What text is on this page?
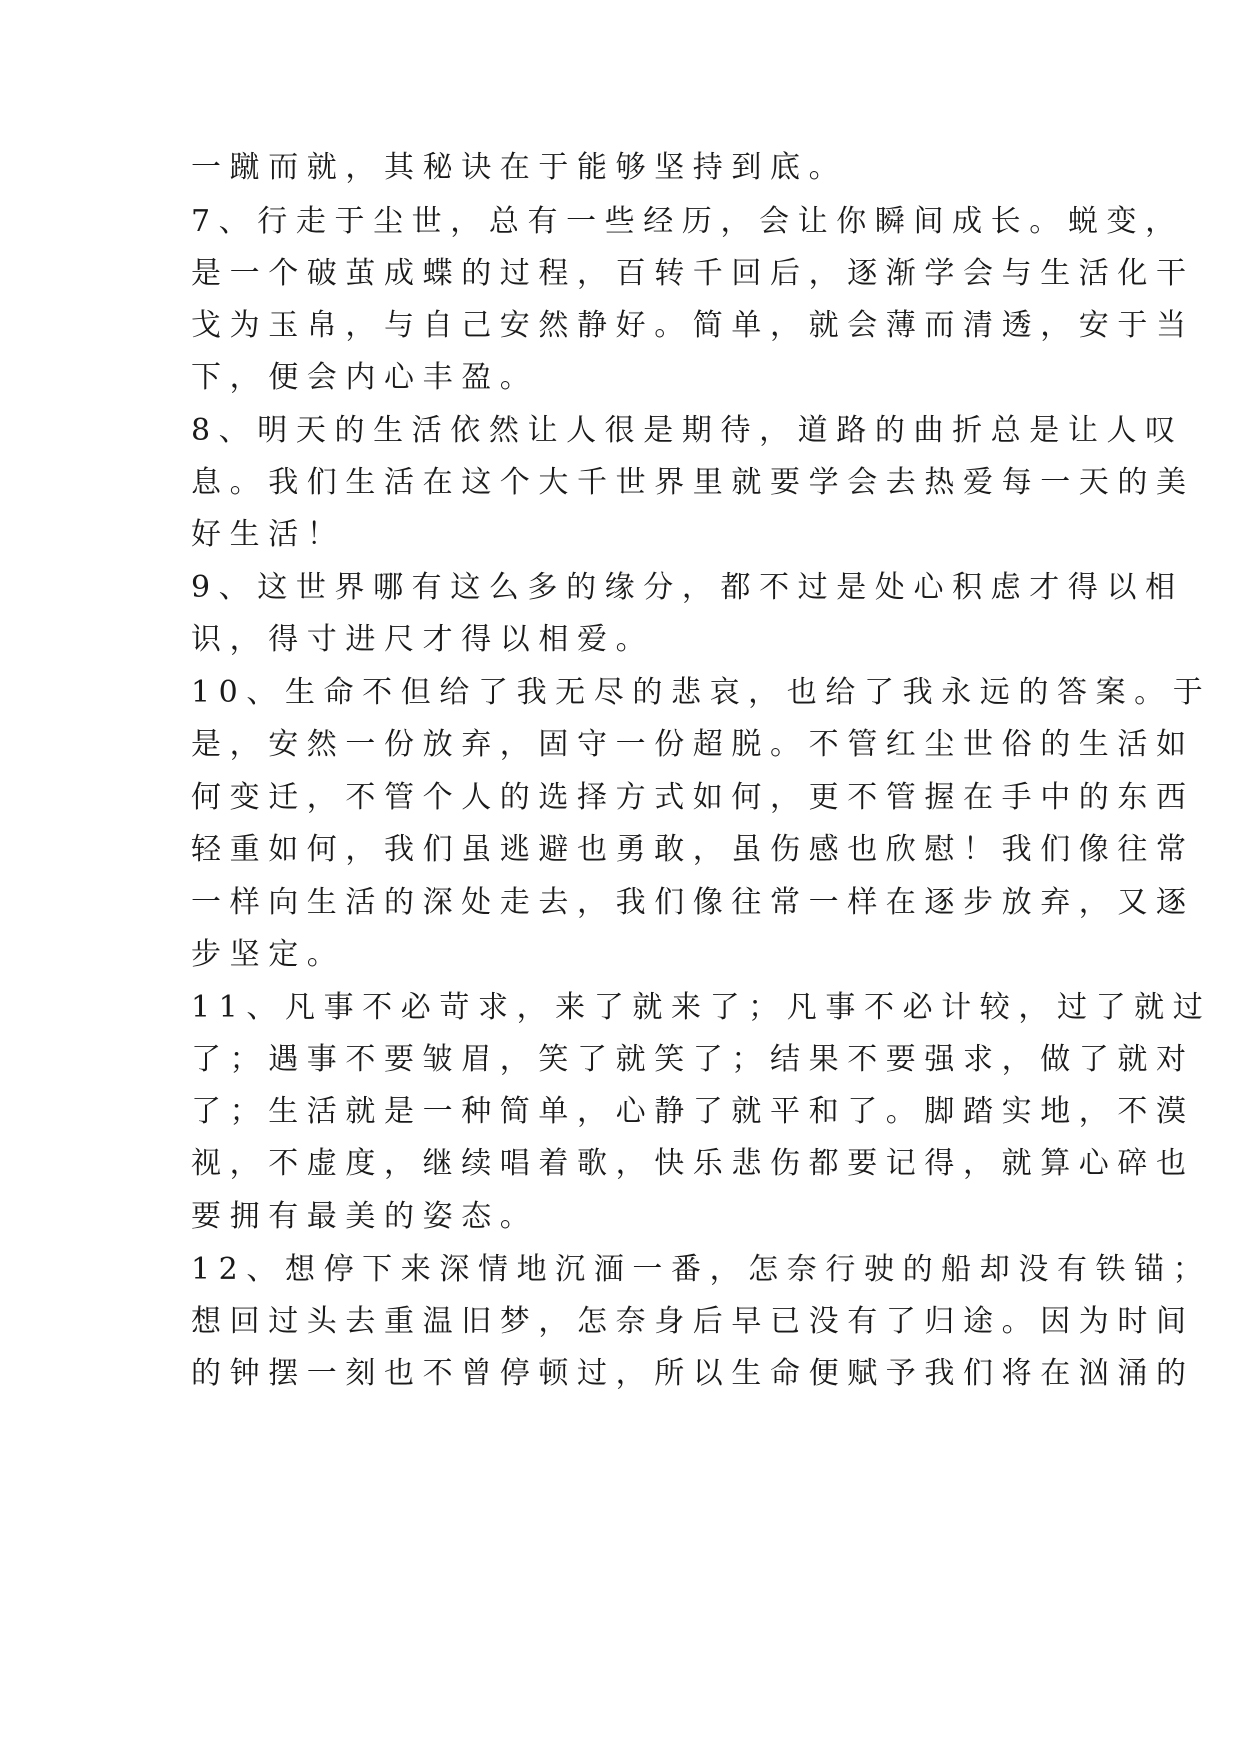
一蹴而就，其秘诀在于能够坚持到底。
7、行走于尘世，总有一些经历，会让你瞬间成长。蜕变，
是一个破茧成蝶的过程，百转千回后，逐渐学会与生活化干
戈为玉帛，与自己安然静好。简单，就会薄而清透，安于当
下，便会内心丰盈。
8、明天的生活依然让人很是期待，道路的曲折总是让人叹
息。我们生活在这个大千世界里就要学会去热爱每一天的美
好生活！
9、这世界哪有这么多的缘分，都不过是处心积虑才得以相
识，得寸进尺才得以相爱。
10、生命不但给了我无尽的悲哀，也给了我永远的答案。于
是，安然一份放弃，固守一份超脱。不管红尘世俗的生活如
何变迁，不管个人的选择方式如何，更不管握在手中的东西
轻重如何，我们虽逃避也勇敢，虽伤感也欣慰！我们像往常
一样向生活的深处走去，我们像往常一样在逐步放弃，又逐
步坚定。
11、凡事不必苛求，来了就来了；凡事不必计较，过了就过
了；遇事不要皱眉，笑了就笑了；结果不要强求，做了就对
了；生活就是一种简单，心静了就平和了。脚踏实地，不漠
视，不虚度，继续唱着歌，快乐悲伤都要记得，就算心碎也
要拥有最美的姿态。
12、想停下来深情地沉湎一番，怎奈行驶的船却没有铁锚；
想回过头去重温旧梦，怎奈身后早已没有了归途。因为时间
的钟摆一刻也不曾停顿过，所以生命便赋予我们将在汹涌的
